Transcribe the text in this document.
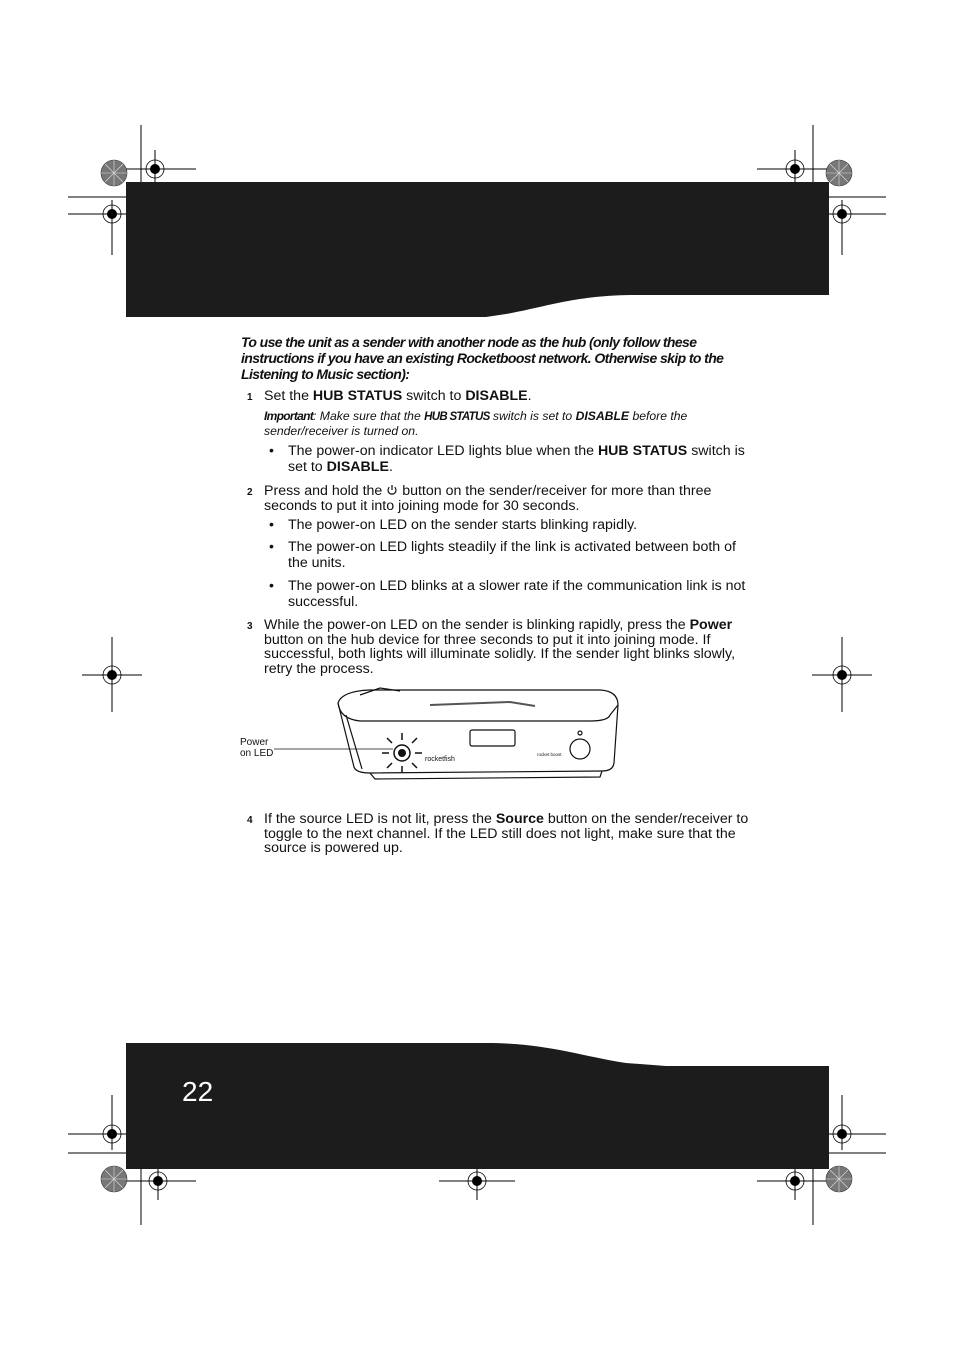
22
To use the unit as a sender with another node as the hub (only follow these instructions if you have an existing Rocketboost network. Otherwise skip to the Listening to Music section):
1 Set the HUB STATUS switch to DISABLE.
Important: Make sure that the HUB STATUS switch is set to DISABLE before the sender/receiver is turned on.
• The power-on indicator LED lights blue when the HUB STATUS switch is set to DISABLE.
2 Press and hold the  button on the sender/receiver for more than three seconds to put it into joining mode for 30 seconds.
• The power-on LED on the sender starts blinking rapidly.
• The power-on LED lights steadily if the link is activated between both of the units.
• The power-on LED blinks at a slower rate if the communication link is not successful.
3 While the power-on LED on the sender is blinking rapidly, press the Power button on the hub device for three seconds to put it into joining mode. If successful, both lights will illuminate solidly. If the sender light blinks slowly, retry the process.
Power
on LED
rocketfish
rocket boost
4 If the source LED is not lit, press the Source button on the sender/receiver to toggle to the next channel. If the LED still does not light, make sure that the source is powered up.
